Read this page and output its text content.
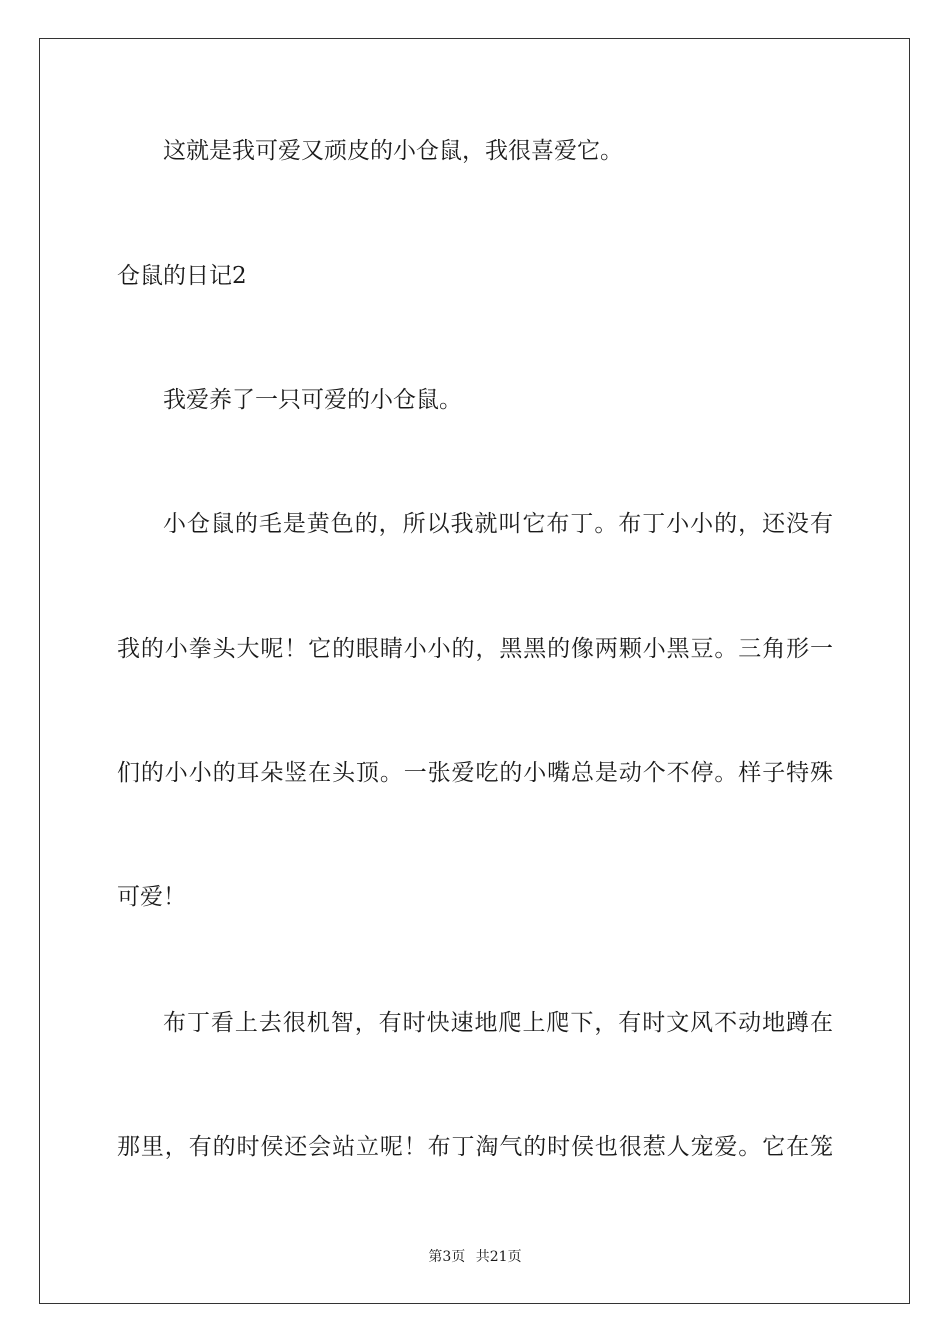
这就是我可爱又顽皮的小仓鼠，我很喜爱它。
仓鼠的日记2
我爱养了一只可爱的小仓鼠。
小仓鼠的毛是黄色的，所以我就叫它布丁。布丁小小的，还没有
我的小拳头大呢！它的眼睛小小的，黑黑的像两颗小黑豆。三角形一
们的小小的耳朵竖在头顶。一张爱吃的小嘴总是动个不停。样子特殊
可爱！
布丁看上去很机智，有时快速地爬上爬下，有时文风不动地蹲在
那里，有的时侯还会站立呢！布丁淘气的时侯也很惹人宠爱。它在笼
第3页 共21页
